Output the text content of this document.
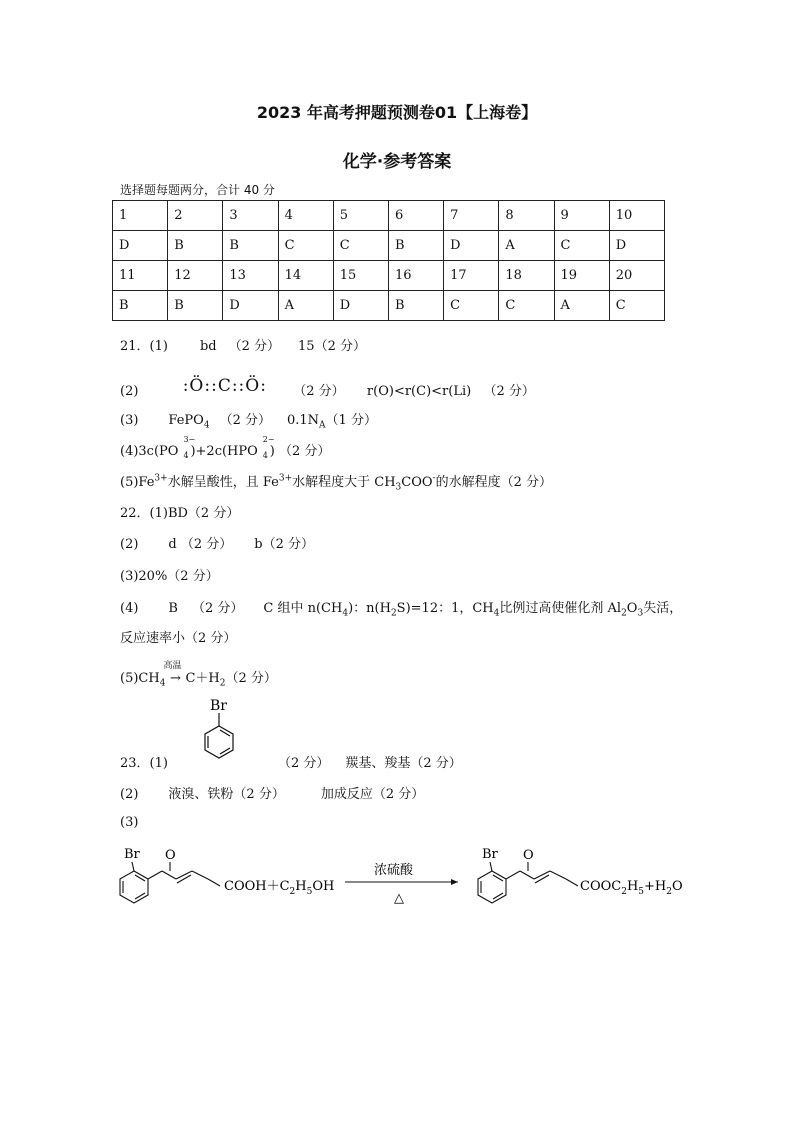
2023 年高考押题预测卷01【上海卷】
化学·参考答案
选择题每题两分，合计 40 分
1	2	3	4	5	6	7	8	9	10
D	B	B	C	C	B	D	A	C	D
11	12	13	14	15	16	17	18	19	20
B	B	D	A	D	B	C	C	A	C
21．(1) bd （2 分） 15（2 分）
(2)	:Ö::C::Ö: （2 分） r(O)<r(C)<r(Li) （2 分）
(3) FePO$_4$ （2 分） $0.1N_A(1$ 分）
(4)3c(PO
3−
4 )+2c(HPO
2−
4 ) （2 分）
$(5)Fe^{3+}$水解呈酸性，且 $Fe^{3+}$水解程度大于 $CH_3COO^-$的水解程度（2 分）
22．(1)BD（2 分）
(2) d （2 分） b（2 分）
(3)20%（2 分）
(4) B （2 分） C 组中 $n(CH_4)$：$n(H_2S)=12$：1，$CH_4$比例过高使催化剂 $Al_2O_3$失活，
反应速率小（2 分）
$(5)CH_4$
高温
→ $C+H_2(2$ 分）
Br
23．(1)	（2 分） 羰基、羧基（2 分）
(2) 液溴、铁粉（2 分）	加成反应（2 分）
(3)
Br O
$COOH+C_2H_5OH$
浓硫酸
△
Br O
$COOC_2H_5+H_2O$
